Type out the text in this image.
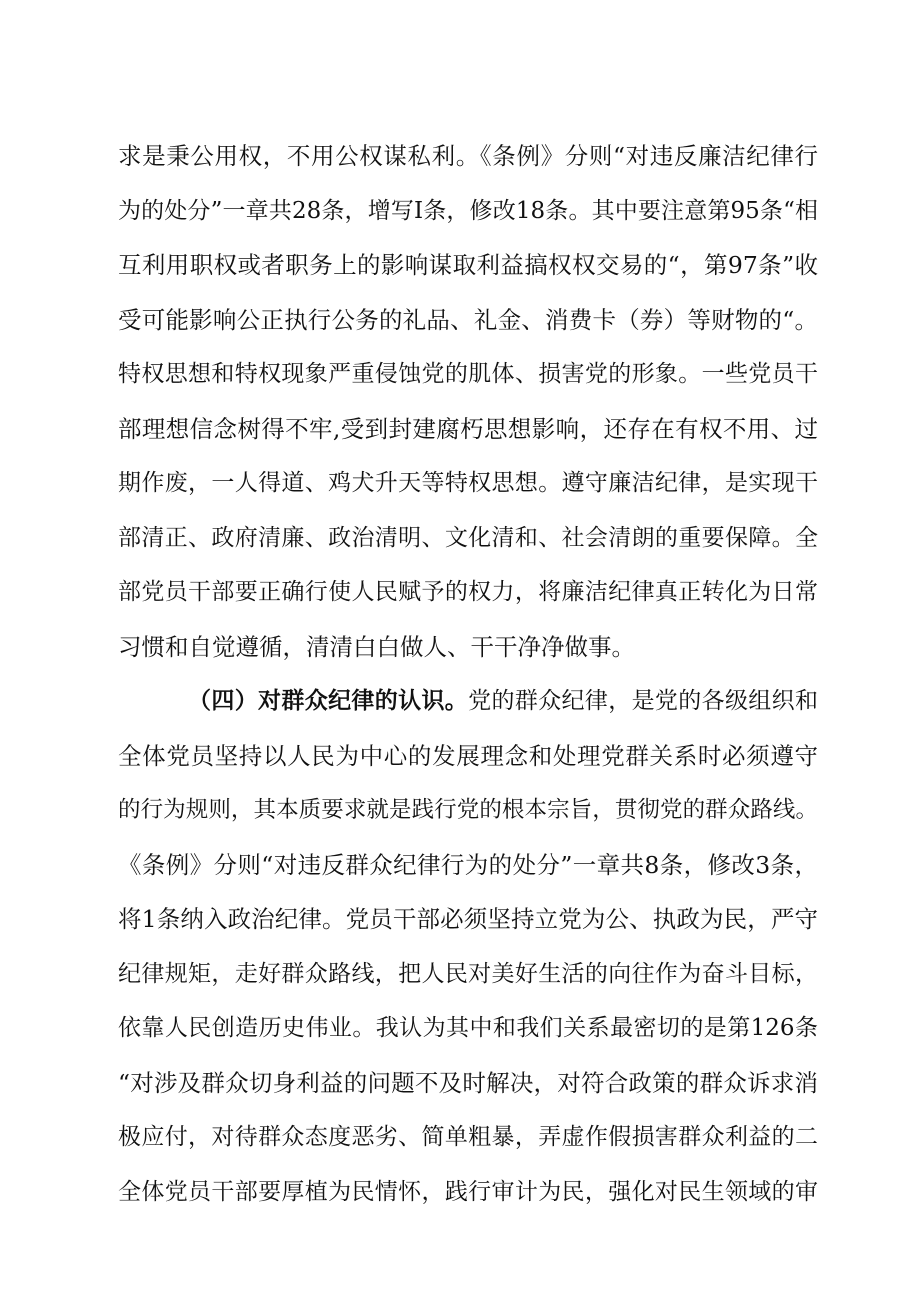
求是秉公用权，不用公权谋私利。《条例》分则“对违反廉洁纪律行
为的处分”一章共28条，增写I条，修改18条。其中要注意第95条“相
互利用职权或者职务上的影响谋取利益搞权权交易的“，第97条”收
受可能影响公正执行公务的礼品、礼金、消费卡（券）等财物的“。
特权思想和特权现象严重侵蚀党的肌体、损害党的形象。一些党员干
部理想信念树得不牢,受到封建腐朽思想影响，还存在有权不用、过
期作废，一人得道、鸡犬升天等特权思想。遵守廉洁纪律，是实现干
部清正、政府清廉、政治清明、文化清和、社会清朗的重要保障。全
部党员干部要正确行使人民赋予的权力，将廉洁纪律真正转化为日常
习惯和自觉遵循，清清白白做人、干干净净做事。
（四）对群众纪律的认识。党的群众纪律，是党的各级组织和
全体党员坚持以人民为中心的发展理念和处理党群关系时必须遵守
的行为规则，其本质要求就是践行党的根本宗旨，贯彻党的群众路线。
《条例》分则“对违反群众纪律行为的处分”一章共8条，修改3条，
将1条纳入政治纪律。党员干部必须坚持立党为公、执政为民，严守
纪律规矩，走好群众路线，把人民对美好生活的向往作为奋斗目标，
依靠人民创造历史伟业。我认为其中和我们关系最密切的是第126条
“对涉及群众切身利益的问题不及时解决，对符合政策的群众诉求消
极应付，对待群众态度恶劣、简单粗暴，弄虚作假损害群众利益的二
全体党员干部要厚植为民情怀，践行审计为民，强化对民生领域的审
